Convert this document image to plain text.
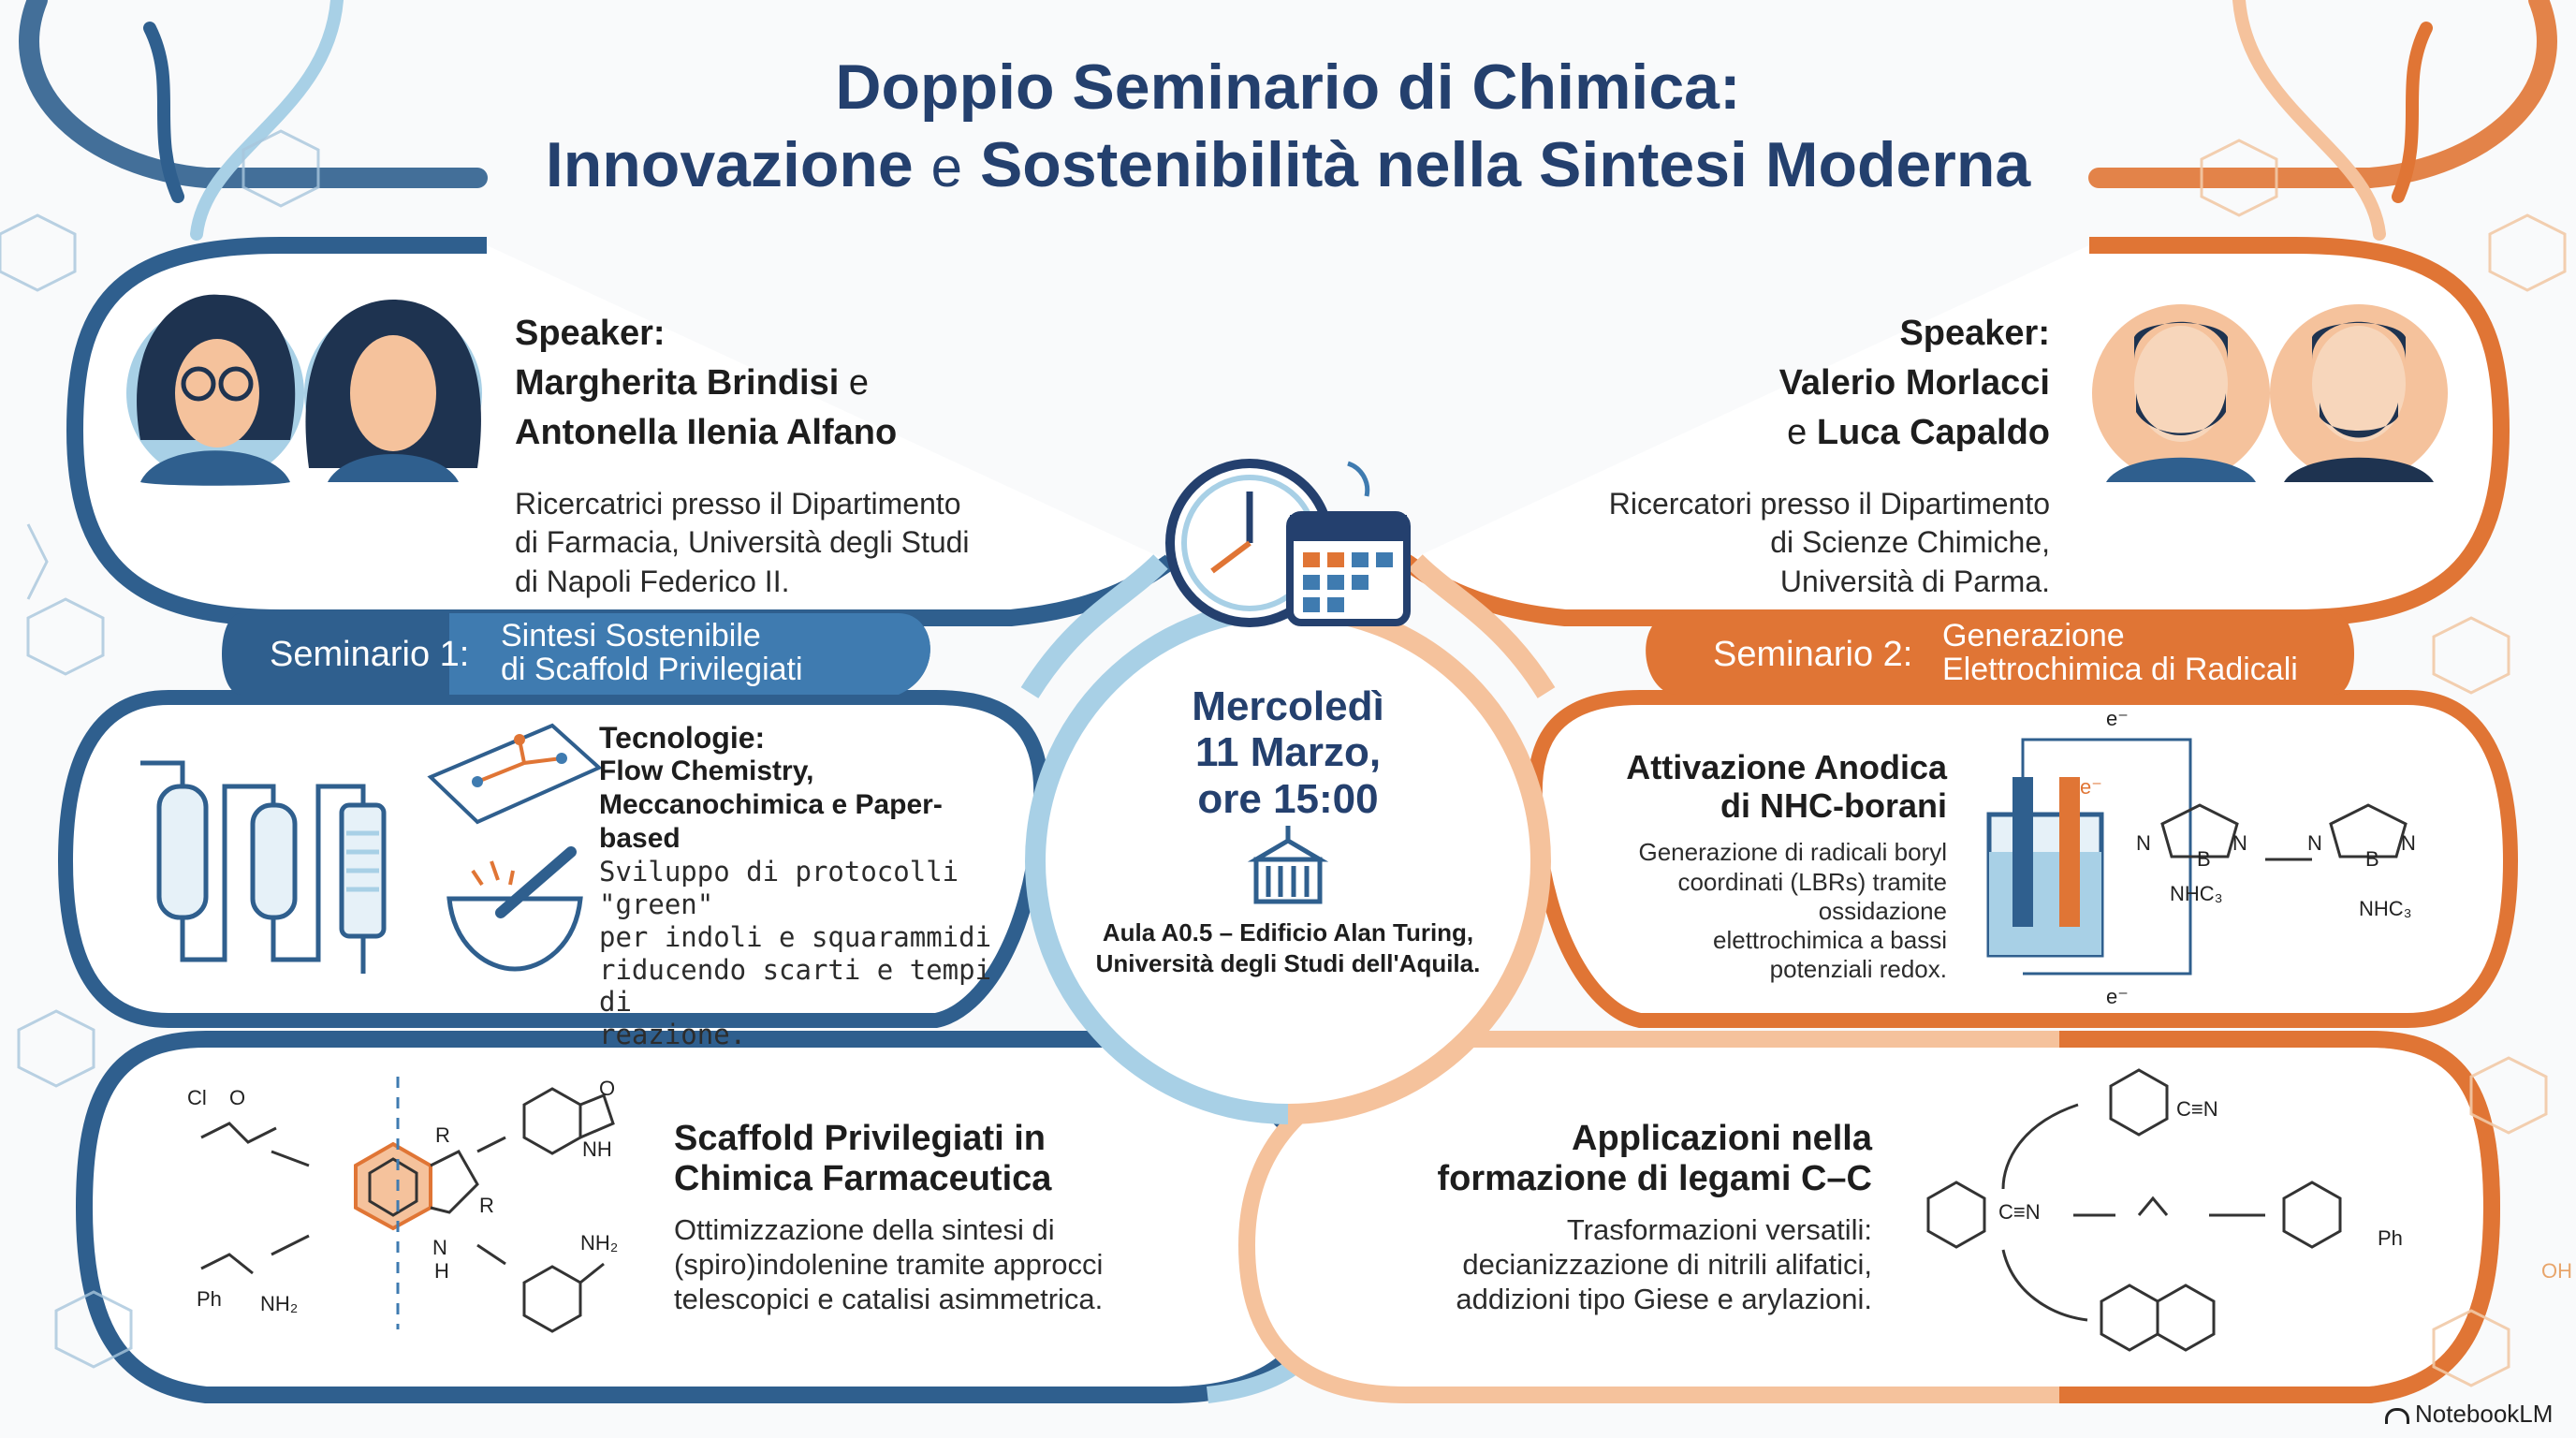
Doppio Seminario di Chimica:
Innovazione e Sostenibilità nella Sintesi Moderna
Speaker:
Margherita Brindisi e
Antonella Ilenia Alfano
Ricercatrici presso il Dipartimento
di Farmacia, Università degli Studi
di Napoli Federico II.
Speaker:
Valerio Morlacci
e Luca Capaldo
Ricercatori presso il Dipartimento
di Scienze Chimiche,
Università di Parma.
Seminario 1: Sintesi Sostenibile
di Scaffold Privilegiati	Seminario 2: Generazione
Elettrochimica di Radicali
Tecnologie:
Flow Chemistry,
Meccanochimica e Paper-
based
Sviluppo di protocolli "green"
per indoli e squarammidi
riducendo scarti e tempi di
reazione.
Scaffold Privilegiati in
Chimica Farmaceutica
Ottimizzazione della sintesi di
(spiro)indolenine tramite approcci
telescopici e catalisi asimmetrica.
Attivazione Anodica
di NHC-borani
Generazione di radicali boryl
coordinati (LBRs) tramite
ossidazione
elettrochimica a bassi
potenziali redox.
Applicazioni nella
formazione di legami C–C
Trasformazioni versatili:
decianizzazione di nitrili alifatici,
addizioni tipo Giese e arylazioni.
Mercoledì
11 Marzo,
ore 15:00
Aula A0.5 – Edificio Alan Turing,
Università degli Studi dell'Aquila.
e⁻
e⁻
e⁻
NHC₃
NHC₃
B	B
N	N	N	N
NH
NH₂
Ph NH₂
R
R
H
N
Cl O	O
C≡N
C≡N
Ph
OH
NotebookLM
